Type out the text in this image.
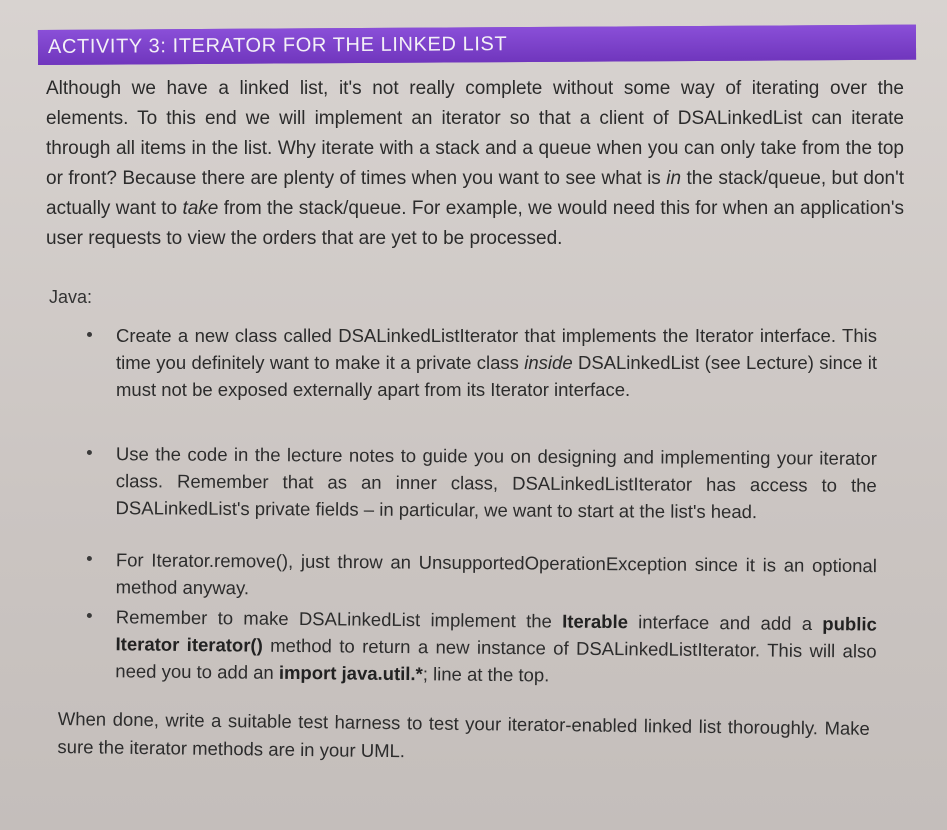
ACTIVITY 3: ITERATOR FOR THE LINKED LIST
Although we have a linked list, it's not really complete without some way of iterating over the elements. To this end we will implement an iterator so that a client of DSALinkedList can iterate through all items in the list. Why iterate with a stack and a queue when you can only take from the top or front? Because there are plenty of times when you want to see what is in the stack/queue, but don't actually want to take from the stack/queue. For example, we would need this for when an application's user requests to view the orders that are yet to be processed.
Java:
Create a new class called DSALinkedListIterator that implements the Iterator interface. This time you definitely want to make it a private class inside DSALinkedList (see Lecture) since it must not be exposed externally apart from its Iterator interface.
Use the code in the lecture notes to guide you on designing and implementing your iterator class. Remember that as an inner class, DSALinkedListIterator has access to the DSALinkedList's private fields – in particular, we want to start at the list's head.
For Iterator.remove(), just throw an UnsupportedOperationException since it is an optional method anyway.
Remember to make DSALinkedList implement the Iterable interface and add a public Iterator iterator() method to return a new instance of DSALinkedListIterator. This will also need you to add an import java.util.*; line at the top.
When done, write a suitable test harness to test your iterator-enabled linked list thoroughly. Make sure the iterator methods are in your UML.
